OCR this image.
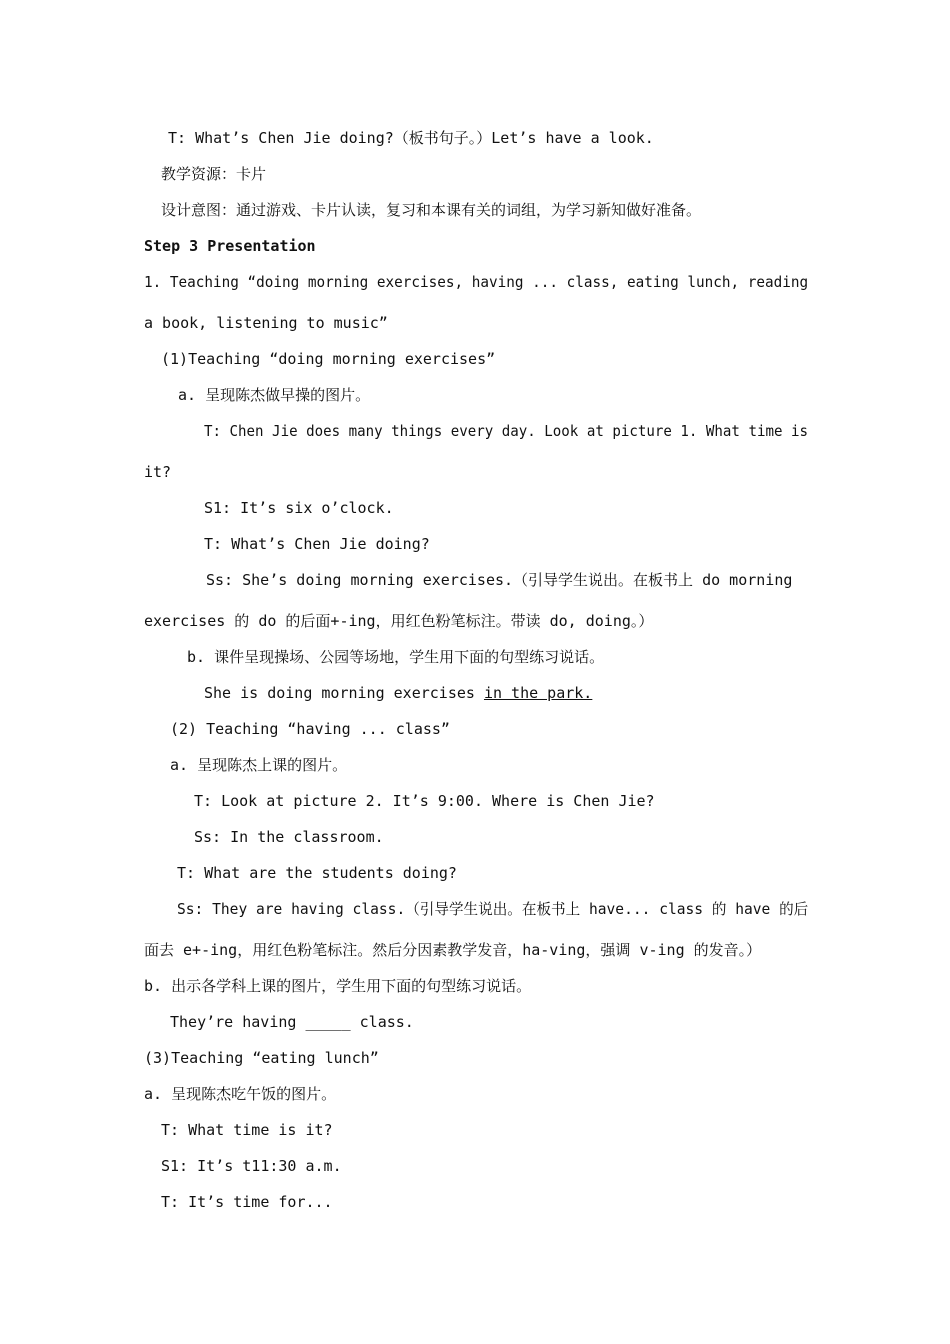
T: What’s Chen Jie doing?（板书句子。）Let’s have a look.
教学资源：卡片
设计意图：通过游戏、卡片认读，复习和本课有关的词组，为学习新知做好准备。
Step 3 Presentation
1. Teaching “doing morning exercises, having ... class, eating lunch, reading
a book, listening to music”
(1)Teaching “doing morning exercises”
a. 呈现陈杰做早操的图片。
T: Chen Jie does many things every day. Look at picture 1. What time is
it?
S1: It’s six o’clock.
T: What’s Chen Jie doing?
Ss: She’s doing morning exercises.（引导学生说出。在板书上 do morning
exercises 的 do 的后面+-ing，用红色粉笔标注。带读 do, doing。）
b. 课件呈现操场、公园等场地，学生用下面的句型练习说话。
She is doing morning exercises in the park.
(2) Teaching “having ... class”
a. 呈现陈杰上课的图片。
T: Look at picture 2. It’s 9:00. Where is Chen Jie?
Ss: In the classroom.
T: What are the students doing?
Ss: They are having class.（引导学生说出。在板书上 have... class 的 have 的后
面去 e+-ing，用红色粉笔标注。然后分因素教学发音，ha-ving，强调 v-ing 的发音。）
b. 出示各学科上课的图片，学生用下面的句型练习说话。
They’re having _____ class.
(3)Teaching “eating lunch”
a. 呈现陈杰吃午饭的图片。
T: What time is it?
S1: It’s t11:30 a.m.
T: It’s time for...
